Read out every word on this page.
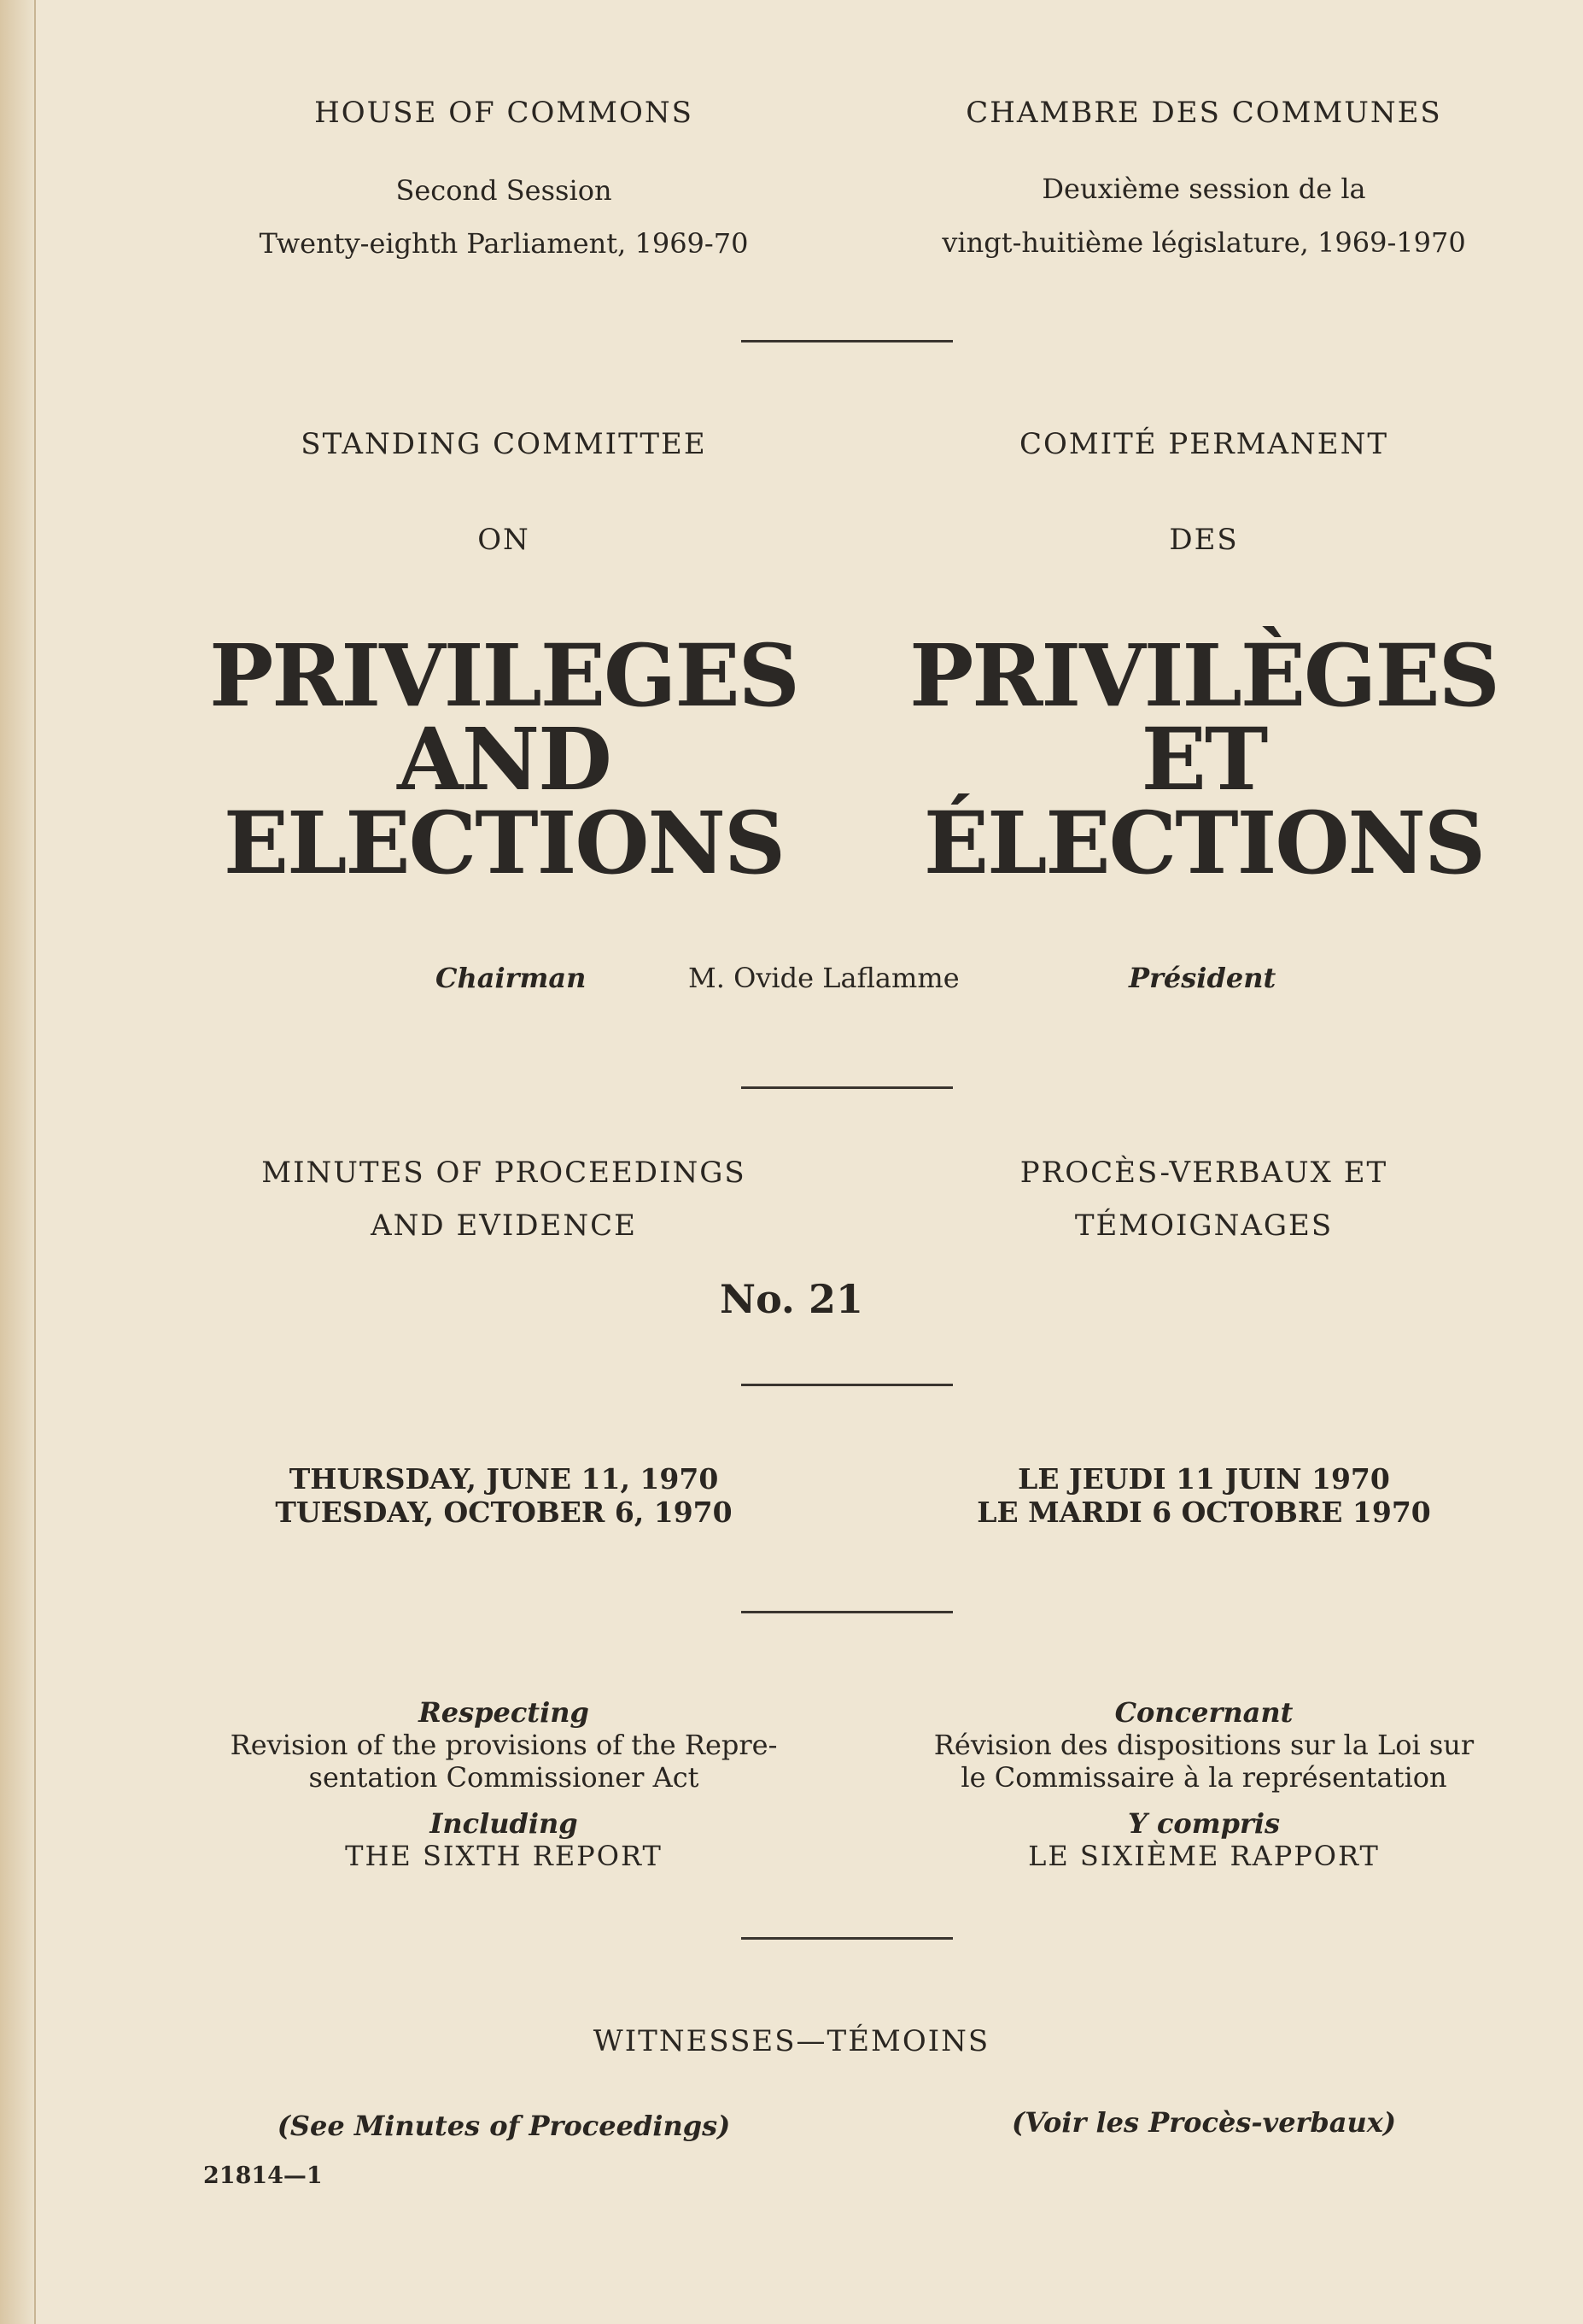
HOUSE OF COMMONS	CHAMBRE DES COMMUNES
Second Session
Twenty-eighth Parliament, 1969-70
Deuxième session de la
vingt-huitième législature, 1969-1970
STANDING COMMITTEE
ON
COMITÉ PERMANENT
DES
PRIVILEGES
AND
ELECTIONS
PRIVILÈGES
ET
ÉLECTIONS
Chairman	M. Ovide Laflamme	Président
MINUTES OF PROCEEDINGS
AND EVIDENCE
PROCÈS-VERBAUX ET
TÉMOIGNAGES
No. 21
THURSDAY, JUNE 11, 1970
TUESDAY, OCTOBER 6, 1970
LE JEUDI 11 JUIN 1970
LE MARDI 6 OCTOBRE 1970
Respecting
Revision of the provisions of the Repre-
sentation Commissioner Act
Including
THE SIXTH REPORT
Concernant
Révision des dispositions sur la Loi sur
le Commissaire à la représentation
Y compris
LE SIXIÈME RAPPORT
WITNESSES—TÉMOINS
(See Minutes of Proceedings)	(Voir les Procès-verbaux)
21814—1
